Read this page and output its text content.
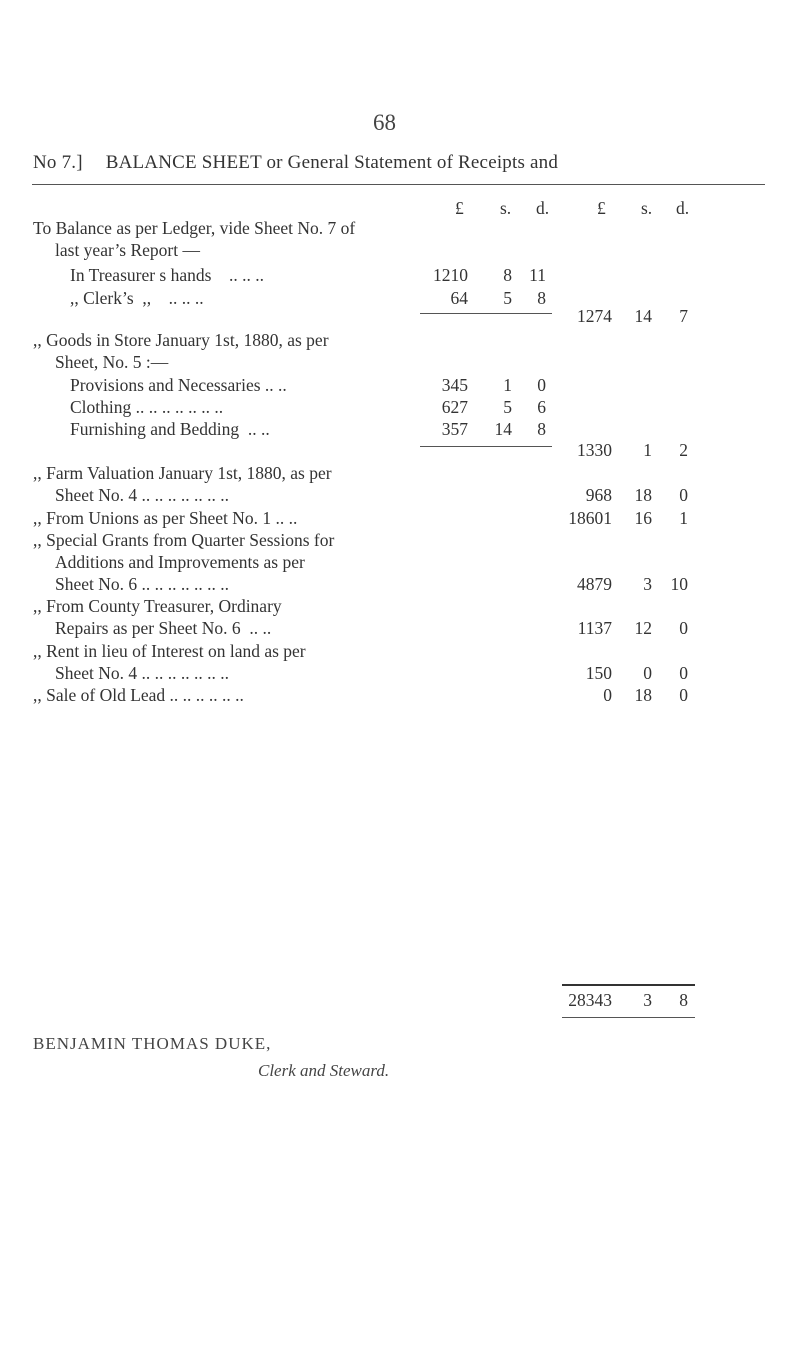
68
No 7.] BALANCE SHEET or General Statement of Receipts and
£ s. d.	£ s. d.
To Balance as per Ledger, vide Sheet No. 7 of
last year’s Report —
In Treasurer s hands    .. .. ..	1210	8 11
,, Clerk’s  ,,    .. .. ..	64	5	8
1274	14	7
,, Goods in Store January 1st, 1880, as per
Sheet, No. 5 :—
Provisions and Necessaries .. ..	345	1	0
Clothing .. .. .. .. .. .. ..	627	5	6
Furnishing and Bedding  .. ..	357	14	8
1330	1	2
,, Farm Valuation January 1st, 1880, as per
Sheet No. 4 .. .. .. .. .. .. ..	968	18	0
,, From Unions as per Sheet No. 1 .. ..	18601	16	1
,, Special Grants from Quarter Sessions for
Additions and Improvements as per
Sheet No. 6 .. .. .. .. .. .. ..	4879	3	10
,, From County Treasurer, Ordinary
Repairs as per Sheet No. 6  .. ..	1137	12	0
,, Rent in lieu of Interest on land as per
Sheet No. 4 .. .. .. .. .. .. ..	150	0	0
,, Sale of Old Lead .. .. .. .. .. ..	0	18	0
28343	3	8
BENJAMIN THOMAS DUKE,
Clerk and Steward.
